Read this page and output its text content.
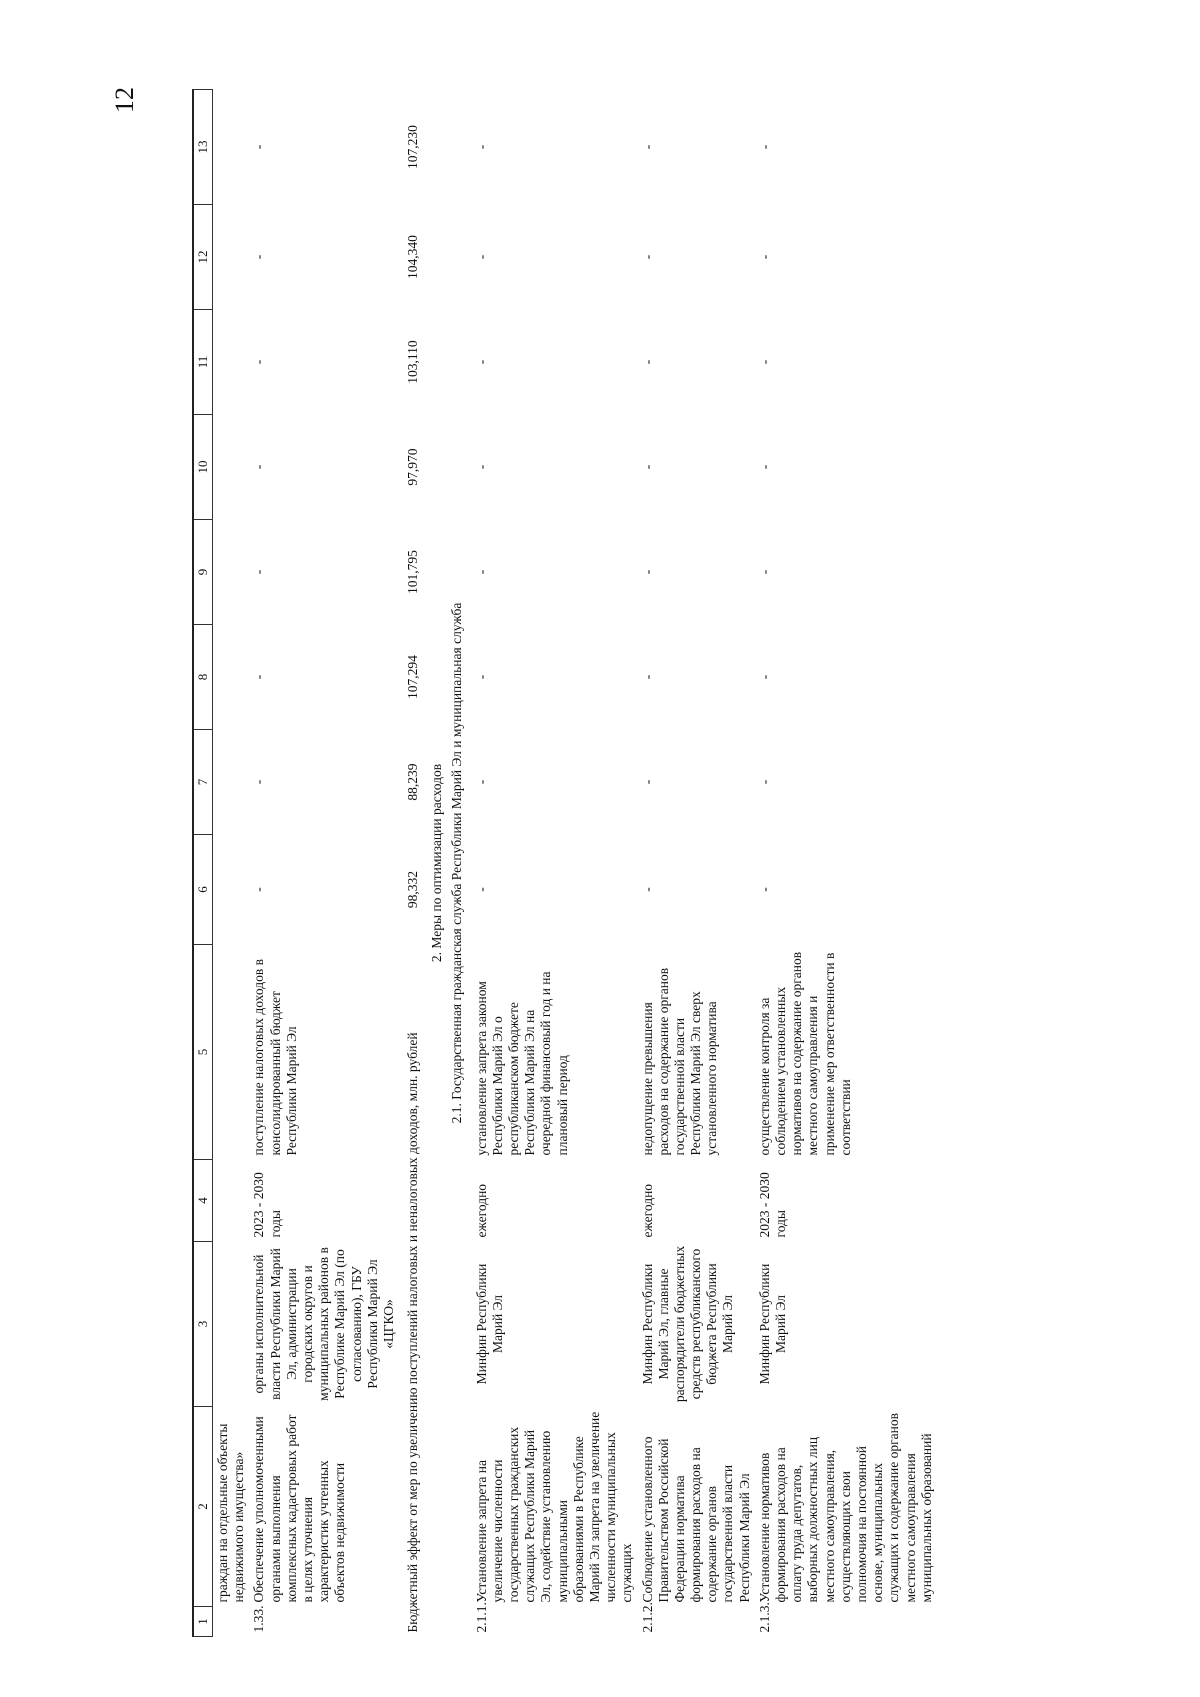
12
1	2	3	4	5	6	7	8	9	10	11	12	13
	граждан на отдельные объекты недвижимого имущества»											
1.33.	Обеспечение уполномоченными органами выполнения комплексных кадастровых работ в целях уточнения характеристик учтенных объектов недвижимости	органы исполнительной власти Республики Марий Эл, администрации городских округов и муниципальных районов в Республике Марий Эл (по согласованию), ГБУ Республики Марий Эл «ЦГКО»	2023 - 2030 годы	поступление налоговых доходов в консолидированный бюджет Республики Марий Эл	-	-	-	-	-	-	-	-
Бюджетный эффект от мер по увеличению поступлений налоговых и неналоговых доходов, млн. рублей					98,332	88,239	107,294	101,795	97,970	103,110	104,340	107,230
2. Меры по оптимизации расходов												
2.1. Государственная гражданская служба Республики Марий Эл и муниципальная служба												
2.1.1.	Установление запрета на увеличение численности государственных гражданских служащих Республики Марий Эл, содействие установлению муниципальными образованиями в Республике Марий Эл запрета на увеличение численности муниципальных служащих	Минфин Республики Марий Эл	ежегодно	установление запрета законом Республики Марий Эл о республиканском бюджете Республики Марий Эл на очередной финансовый год и на плановый период	-	-	-	-	-	-	-	-
2.1.2.	Соблюдение установленного Правительством Российской Федерации норматива формирования расходов на содержание органов государственной власти Республики Марий Эл	Минфин Республики Марий Эл, главные распорядители бюджетных средств республиканского бюджета Республики Марий Эл	ежегодно	недопущение превышения расходов на содержание органов государственной власти Республики Марий Эл сверх установленного норматива	-	-	-	-	-	-	-	-
2.1.3.	Установление нормативов формирования расходов на оплату труда депутатов, выборных должностных лиц местного самоуправления, осуществляющих свои полномочия на постоянной основе, муниципальных служащих и содержание органов местного самоуправления муниципальных образований	Минфин Республики Марий Эл	2023 - 2030 годы	осуществление контроля за соблюдением установленных нормативов на содержание органов местного самоуправления и применение мер ответственности в соответствии	-	-	-	-	-	-	-	-
